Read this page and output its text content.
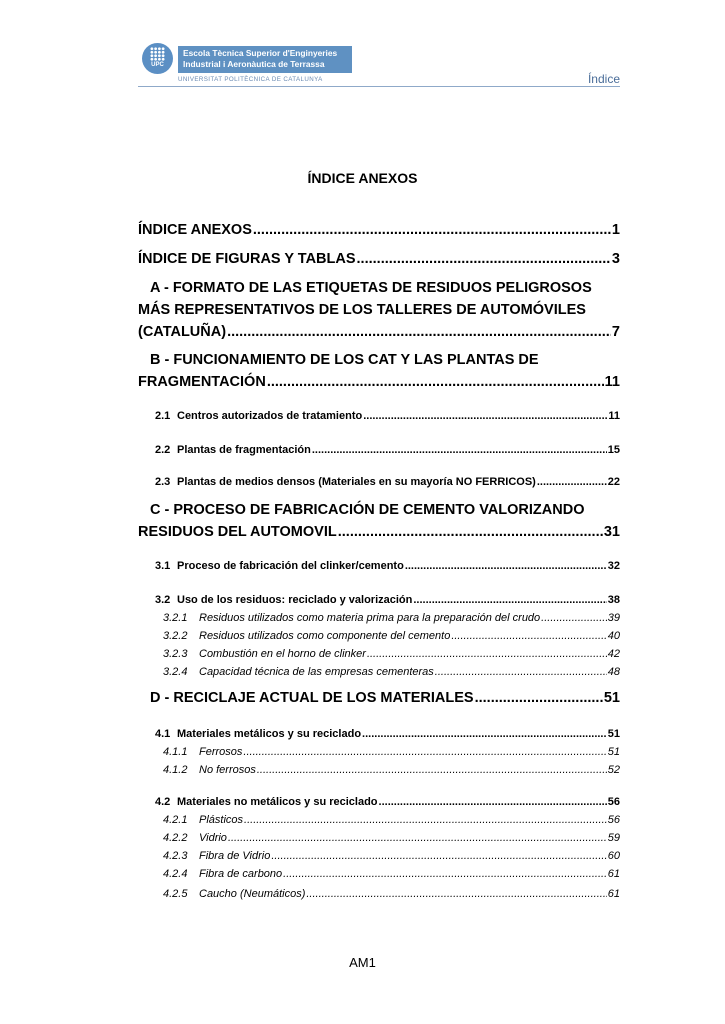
UPC
Escola Tècnica Superior d'Enginyeries
Industrial i Aeronàutica de Terrassa
UNIVERSITAT POLITÈCNICA DE CATALUNYA	Índice
ÍNDICE ANEXOS
ÍNDICE ANEXOS .....	1
ÍNDICE DE FIGURAS Y TABLAS .....	3
A - FORMATO DE LAS ETIQUETAS DE RESIDUOS PELIGROSOS
MÁS REPRESENTATIVOS DE LOS TALLERES DE AUTOMÓVILES
(CATALUÑA) .....	7
B - FUNCIONAMIENTO DE LOS CAT Y LAS PLANTAS DE
FRAGMENTACIÓN .....	11
2.1 Centros autorizados de tratamiento .....	11
2.2 Plantas de fragmentación .....	15
2.3 Plantas de medios densos (Materiales en su mayoría NO FERRICOS) .....	22
C - PROCESO DE FABRICACIÓN DE CEMENTO VALORIZANDO
RESIDUOS DEL AUTOMOVIL .....	31
3.1 Proceso de fabricación del clinker/cemento .....	32
3.2 Uso de los residuos: reciclado y valorización .....	38
3.2.1 Residuos utilizados como materia prima para la preparación del crudo .....	39
3.2.2 Residuos utilizados como componente del cemento .....	40
3.2.3 Combustión en el horno de clinker .....	42
3.2.4 Capacidad técnica de las empresas cementeras .....	48
D - RECICLAJE ACTUAL DE LOS MATERIALES .....	51
4.1 Materiales metálicos y su reciclado .....	51
4.1.1 Ferrosos .....	51
4.1.2 No ferrosos .....	52
4.2 Materiales no metálicos y su reciclado .....	56
4.2.1 Plásticos .....	56
4.2.2 Vidrio .....	59
4.2.3 Fibra de Vidrio .....	60
4.2.4 Fibra de carbono .....	61
4.2.5 Caucho (Neumáticos) .....	61
AM1
